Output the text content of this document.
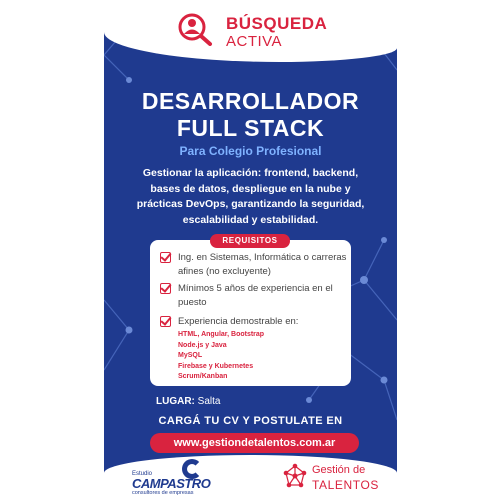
BÚSQUEDA
ACTIVA
DESARROLLADOR
FULL STACK
Para Colegio Profesional
Gestionar la aplicación: frontend, backend, bases de datos, despliegue en la nube y prácticas DevOps, garantizando la seguridad, escalabilidad y estabilidad.
REQUISITOS
Ing. en Sistemas, Informática o carreras afines (no excluyente)
Mínimos 5 años de experiencia en el puesto
Experiencia demostrable en:
HTML, Angular, Bootstrap
Node.js y Java
MySQL
Firebase y Kubernetes
Scrum/Kanban
LUGAR: Salta
CARGÁ TU CV Y POSTULATE EN
www.gestiondetalentos.com.ar
Estudio
CAMPASTRO
consultores de empresas
Gestión de
TALENTOS
